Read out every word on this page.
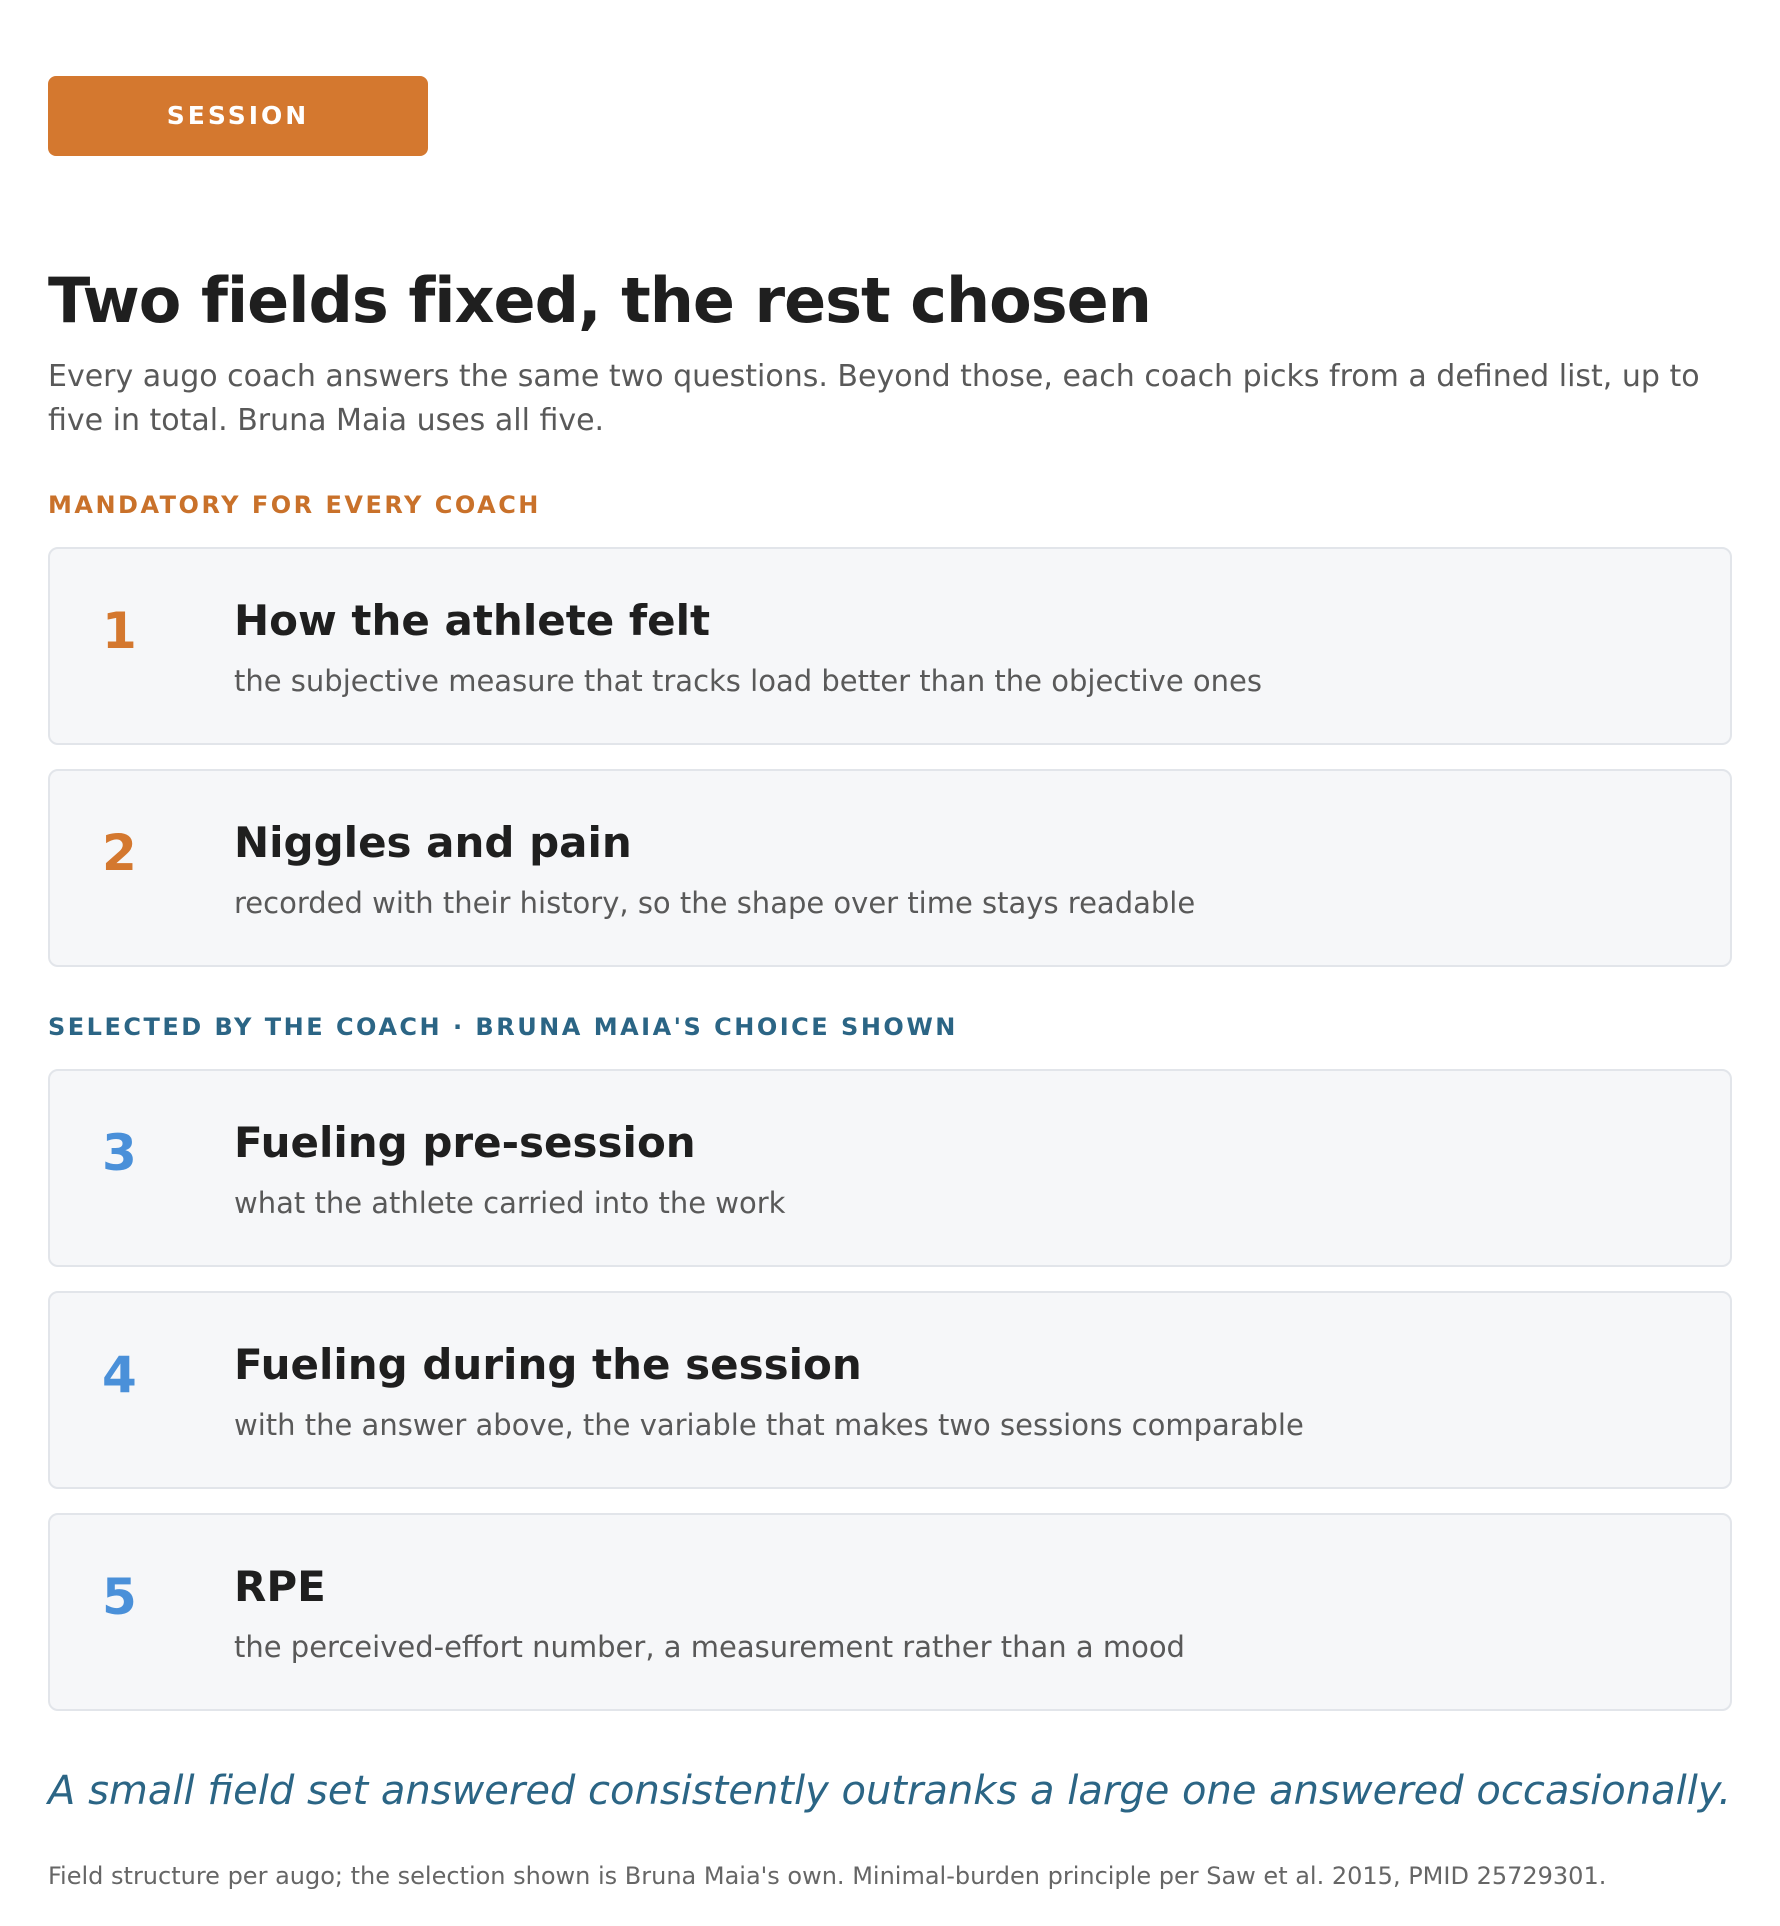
SESSION FEEDBACK
Two fields fixed, the rest chosen

Every augo coach answers the same two questions. Beyond those, each coach picks from a defined list, up to five in total. Bruna Maia uses all five.

MANDATORY FOR EVERY COACH

1 How the athlete felt
the subjective measure that tracks load better than the objective ones
2 Niggles and pain
recorded with their history, so the shape over time stays readable

SELECTED BY THE COACH · BRUNA MAIA'S CHOICE SHOWN

3 Fueling pre-session
what the athlete carried into the work
4 Fueling during the session
with the answer above, the variable that makes two sessions comparable
5 RPE
the perceived-effort number, a measurement rather than a mood

A small field set answered consistently outranks a large one answered occasionally.

Field structure per augo; the selection shown is Bruna Maia's own. Minimal-burden principle per Saw et al. 2015, PMID 25729301.
